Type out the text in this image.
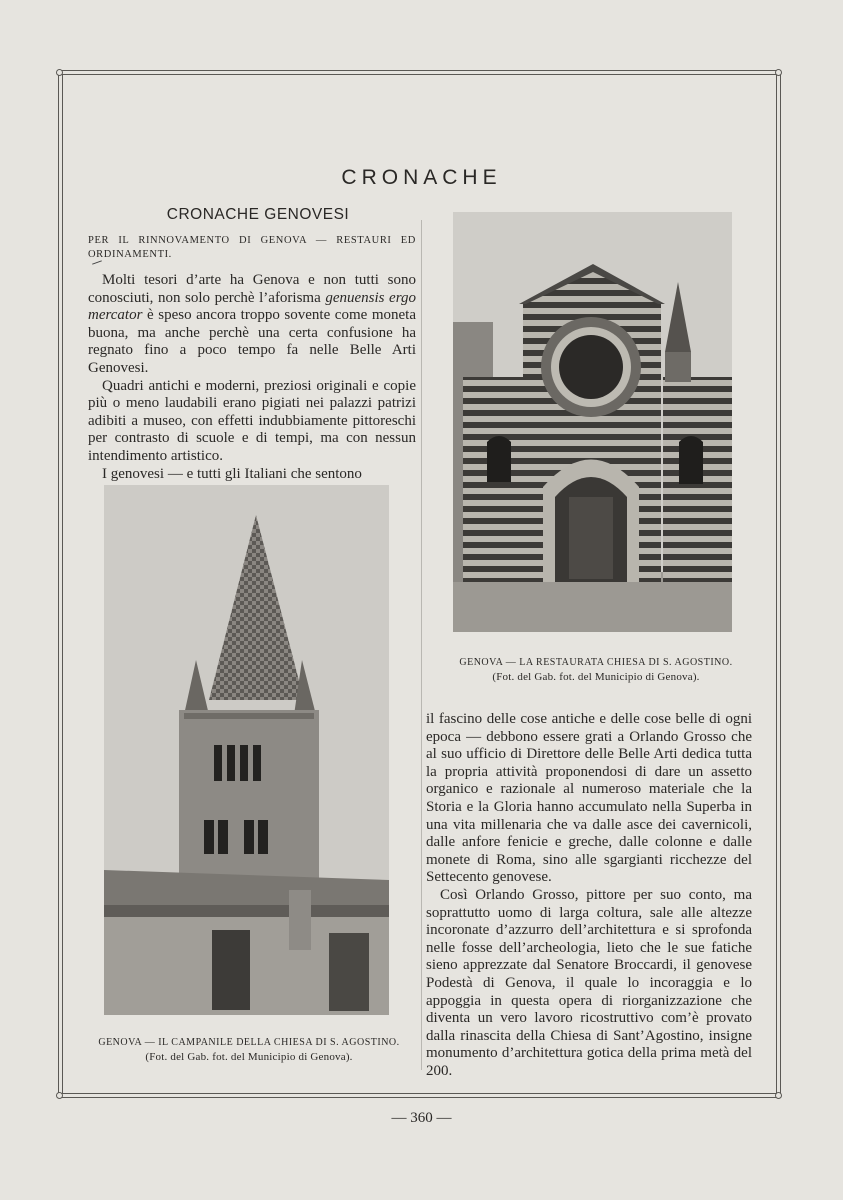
CRONACHE
CRONACHE GENOVESI
PER IL RINNOVAMENTO DI GENOVA — RESTAURI ED ORDINAMENTI.

Molti tesori d’arte ha Genova e non tutti sono conosciuti, non solo perchè l’aforisma genuensis ergo mercator è speso ancora troppo sovente come moneta buona, ma anche perchè una certa confusione ha regnato fino a poco tempo fa nelle Belle Arti Genovesi.

Quadri antichi e moderni, preziosi originali e copie più o meno laudabili erano pigiati nei palazzi patrizi adibiti a museo, con effetti indubbiamente pittoreschi per contrasto di scuole e di tempi, ma con nessun intendimento artistico.

I genovesi — e tutti gli Italiani che sentono

GENOVA — LA RESTAURATA CHIESA DI S. AGOSTINO.
(Fot. del Gab. fot. del Municipio di Genova).
GENOVA — IL CAMPANILE DELLA CHIESA DI S. AGOSTINO.
(Fot. del Gab. fot. del Municipio di Genova).

il fascino delle cose antiche e delle cose belle di ogni epoca — debbono essere grati a Orlando Grosso che al suo ufficio di Direttore delle Belle Arti dedica tutta la propria attività proponendosi di dare un assetto organico e razionale al numeroso materiale che la Storia e la Gloria hanno accumulato nella Superba in una vita millenaria che va dalle asce dei cavernicoli, dalle anfore fenicie e greche, dalle colonne e dalle monete di Roma, sino alle sgargianti ricchezze del Settecento genovese.

Così Orlando Grosso, pittore per suo conto, ma soprattutto uomo di larga coltura, sale alle altezze incoronate d’azzurro dell’architettura e si sprofonda nelle fosse dell’archeologia, lieto che le sue fatiche sieno apprezzate dal Senatore Broccardi, il genovese Podestà di Genova, il quale lo incoraggia e lo appoggia in questa opera di riorganizzazione che diventa un vero lavoro ricostruttivo com’è provato dalla rinascita della Chiesa di Sant’Agostino, insigne monumento d’architettura gotica della prima metà del 200.

— 360 —
